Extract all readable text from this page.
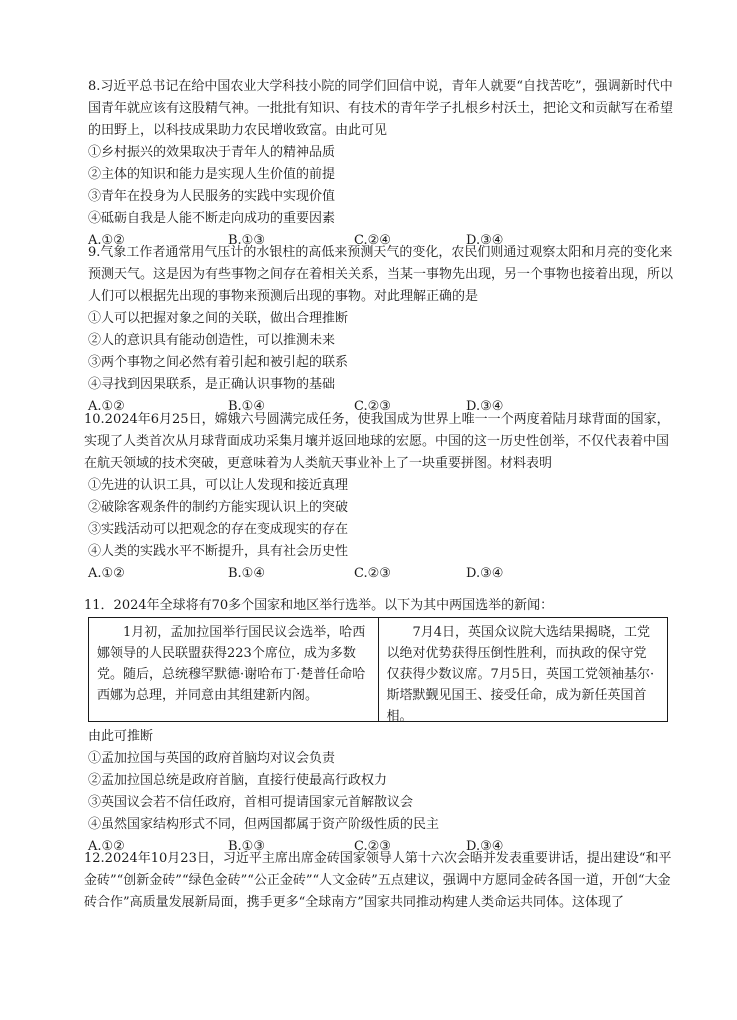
8.习近平总书记在给中国农业大学科技小院的同学们回信中说，青年人就要“自找苦吃”，强调新时代中国青年就应该有这股精气神。一批批有知识、有技术的青年学子扎根乡村沃土，把论文和贡献写在希望的田野上，以科技成果助力农民增收致富。由此可见

①乡村振兴的效果取决于青年人的精神品质

②主体的知识和能力是实现人生价值的前提

③青年在投身为人民服务的实践中实现价值

④砥砺自我是人能不断走向成功的重要因素

A.①②	B.①③	C.②④	D.③④

9.气象工作者通常用气压计的水银柱的高低来预测天气的变化，农民们则通过观察太阳和月亮的变化来预测天气。这是因为有些事物之间存在着相关关系，当某一事物先出现，另一个事物也接着出现，所以人们可以根据先出现的事物来预测后出现的事物。对此理解正确的是

①人可以把握对象之间的关联，做出合理推断

②人的意识具有能动创造性，可以推测未来

③两个事物之间必然有着引起和被引起的联系

④寻找到因果联系，是正确认识事物的基础

A.①②	B.①④	C.②③	D.③④

10.2024年6月25日，嫦娥六号圆满完成任务，使我国成为世界上唯一一个两度着陆月球背面的国家，实现了人类首次从月球背面成功采集月壤并返回地球的宏愿。中国的这一历史性创举，不仅代表着中国在航天领域的技术突破，更意味着为人类航天事业补上了一块重要拼图。材料表明

①先进的认识工具，可以让人发现和接近真理

②破除客观条件的制约方能实现认识上的突破

③实践活动可以把观念的存在变成现实的存在

④人类的实践水平不断提升，具有社会历史性

A.①②	B.①④	C.②③	D.③④

11．2024年全球将有70多个国家和地区举行选举。以下为其中两国选举的新闻：

1月初，孟加拉国举行国民议会选举，哈西娜领导的人民联盟获得223个席位，成为多数党。随后，总统穆罕默德·谢哈布丁·楚普任命哈西娜为总理，并同意由其组建新内阁。

7月4日，英国众议院大选结果揭晓，工党以绝对优势获得压倒性胜利，而执政的保守党仅获得少数议席。7月5日，英国工党领袖基尔·斯塔默觐见国王、接受任命，成为新任英国首相。

由此可推断

①孟加拉国与英国的政府首脑均对议会负责

②孟加拉国总统是政府首脑，直接行使最高行政权力

③英国议会若不信任政府，首相可提请国家元首解散议会

④虽然国家结构形式不同，但两国都属于资产阶级性质的民主

A.①②	B.①③	C.②③	D.③④

12.2024年10月23日，习近平主席出席金砖国家领导人第十六次会晤并发表重要讲话，提出建设“和平金砖”“创新金砖”“绿色金砖”“公正金砖”“人文金砖”五点建议，强调中方愿同金砖各国一道，开创“大金砖合作”高质量发展新局面，携手更多“全球南方”国家共同推动构建人类命运共同体。这体现了
